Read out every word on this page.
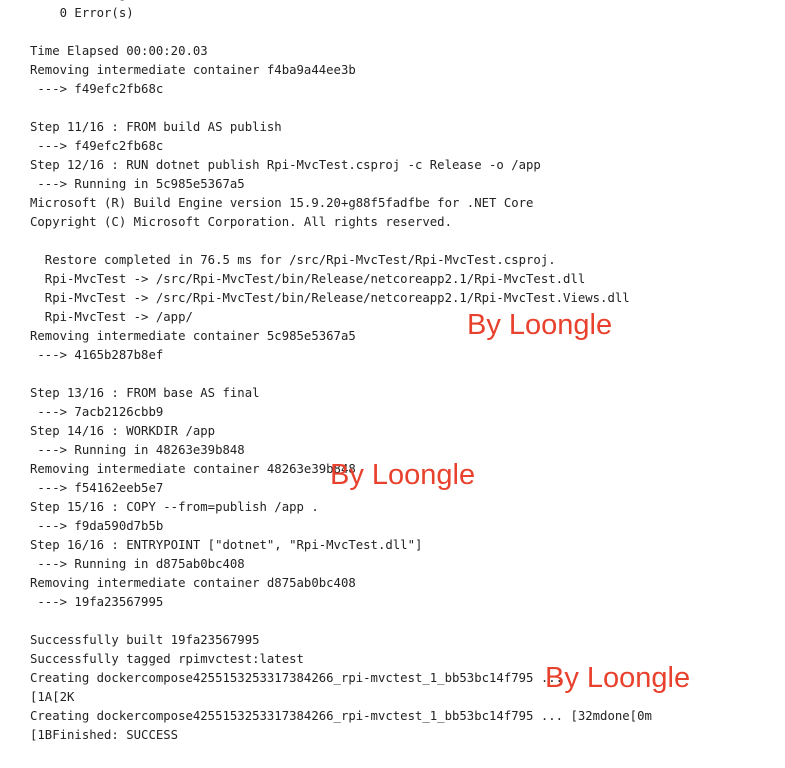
0 Error(s)
Time Elapsed 00:00:20.03
Removing intermediate container f4ba9a44ee3b
---> f49efc2fb68c
Step 11/16 : FROM build AS publish
---> f49efc2fb68c
Step 12/16 : RUN dotnet publish Rpi-MvcTest.csproj -c Release -o /app
---> Running in 5c985e5367a5
Microsoft (R) Build Engine version 15.9.20+g88f5fadfbe for .NET Core
Copyright (C) Microsoft Corporation. All rights reserved.
Restore completed in 76.5 ms for /src/Rpi-MvcTest/Rpi-MvcTest.csproj.
Rpi-MvcTest -> /src/Rpi-MvcTest/bin/Release/netcoreapp2.1/Rpi-MvcTest.dll
Rpi-MvcTest -> /src/Rpi-MvcTest/bin/Release/netcoreapp2.1/Rpi-MvcTest.Views.dll
Rpi-MvcTest -> /app/
Removing intermediate container 5c985e5367a5
---> 4165b287b8ef
Step 13/16 : FROM base AS final
---> 7acb2126cbb9
Step 14/16 : WORKDIR /app
---> Running in 48263e39b848
Removing intermediate container 48263e39b848
---> f54162eeb5e7
Step 15/16 : COPY --from=publish /app .
---> f9da590d7b5b
Step 16/16 : ENTRYPOINT ["dotnet", "Rpi-MvcTest.dll"]
---> Running in d875ab0bc408
Removing intermediate container d875ab0bc408
---> 19fa23567995
Successfully built 19fa23567995
Successfully tagged rpimvctest:latest
Creating dockercompose4255153253317384266_rpi-mvctest_1_bb53bc14f795 ...
[1A[2K
Creating dockercompose4255153253317384266_rpi-mvctest_1_bb53bc14f795 ... [32mdone[0m
[1BFinished: SUCCESS
By Loongle
By Loongle
By Loongle
